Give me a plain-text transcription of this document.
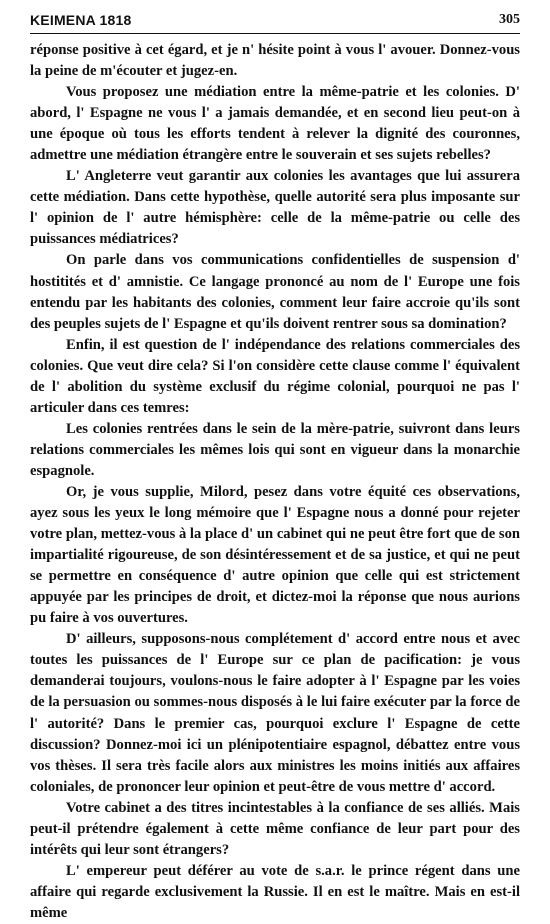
KEIMENA 1818	305

réponse positive à cet égard, et je n' hésite point à vous l' avouer. Donnez-vous la peine de m'écouter et jugez-en.

Vous proposez une médiation entre la même-patrie et les colonies. D' abord, l' Espagne ne vous l' a jamais demandée, et en second lieu peut-on à une époque où tous les efforts tendent à relever la dignité des couronnes, admettre une médiation étrangère entre le souverain et ses sujets rebelles?

L' Angleterre veut garantir aux colonies les avantages que lui assurera cette médiation. Dans cette hypothèse, quelle autorité sera plus imposante sur l' opinion de l' autre hémisphère: celle de la même-patrie ou celle des puissances médiatrices?

On parle dans vos communications confidentielles de suspension d' hostitités et d' amnistie. Ce langage prononcé au nom de l' Europe une fois entendu par les habitants des colonies, comment leur faire accroie qu'ils sont des peuples sujets de l' Espagne et qu'ils doivent rentrer sous sa domination?

Enfin, il est question de l' indépendance des relations commerciales des colonies. Que veut dire cela? Si l'on considère cette clause comme l' équivalent de l' abolition du système exclusif du régime colonial, pourquoi ne pas l' articuler dans ces temres:

Les colonies rentrées dans le sein de la mère-patrie, suivront dans leurs relations commerciales les mêmes lois qui sont en vigueur dans la monarchie espagnole.

Or, je vous supplie, Milord, pesez dans votre équité ces observations, ayez sous les yeux le long mémoire que l' Espagne nous a donné pour rejeter votre plan, mettez-vous à la place d' un cabinet qui ne peut être fort que de son impartialité rigoureuse, de son désintéressement et de sa justice, et qui ne peut se permettre en conséquence d' autre opinion que celle qui est strictement appuyée par les principes de droit, et dictez-moi la réponse que nous aurions pu faire à vos ouvertures.

D' ailleurs, supposons-nous complétement d' accord entre nous et avec toutes les puissances de l' Europe sur ce plan de pacification: je vous demanderai toujours, voulons-nous le faire adopter à l' Espagne par les voies de la persuasion ou sommes-nous disposés à le lui faire exécuter par la force de l' autorité? Dans le premier cas, pourquoi exclure l' Espagne de cette discussion? Donnez-moi ici un plénipotentiaire espagnol, débattez entre vous vos thèses. Il sera très facile alors aux ministres les moins initiés aux affaires coloniales, de prononcer leur opinion et peut-être de vous mettre d' accord.

Votre cabinet a des titres incintestables à la confiance de ses alliés. Mais peut-il prétendre également à cette même confiance de leur part pour des intérêts qui leur sont étrangers?

L' empereur peut déférer au vote de s.a.r. le prince régent dans une affaire qui regarde exclusivement la Russie. Il en est le maître. Mais en est-il même
